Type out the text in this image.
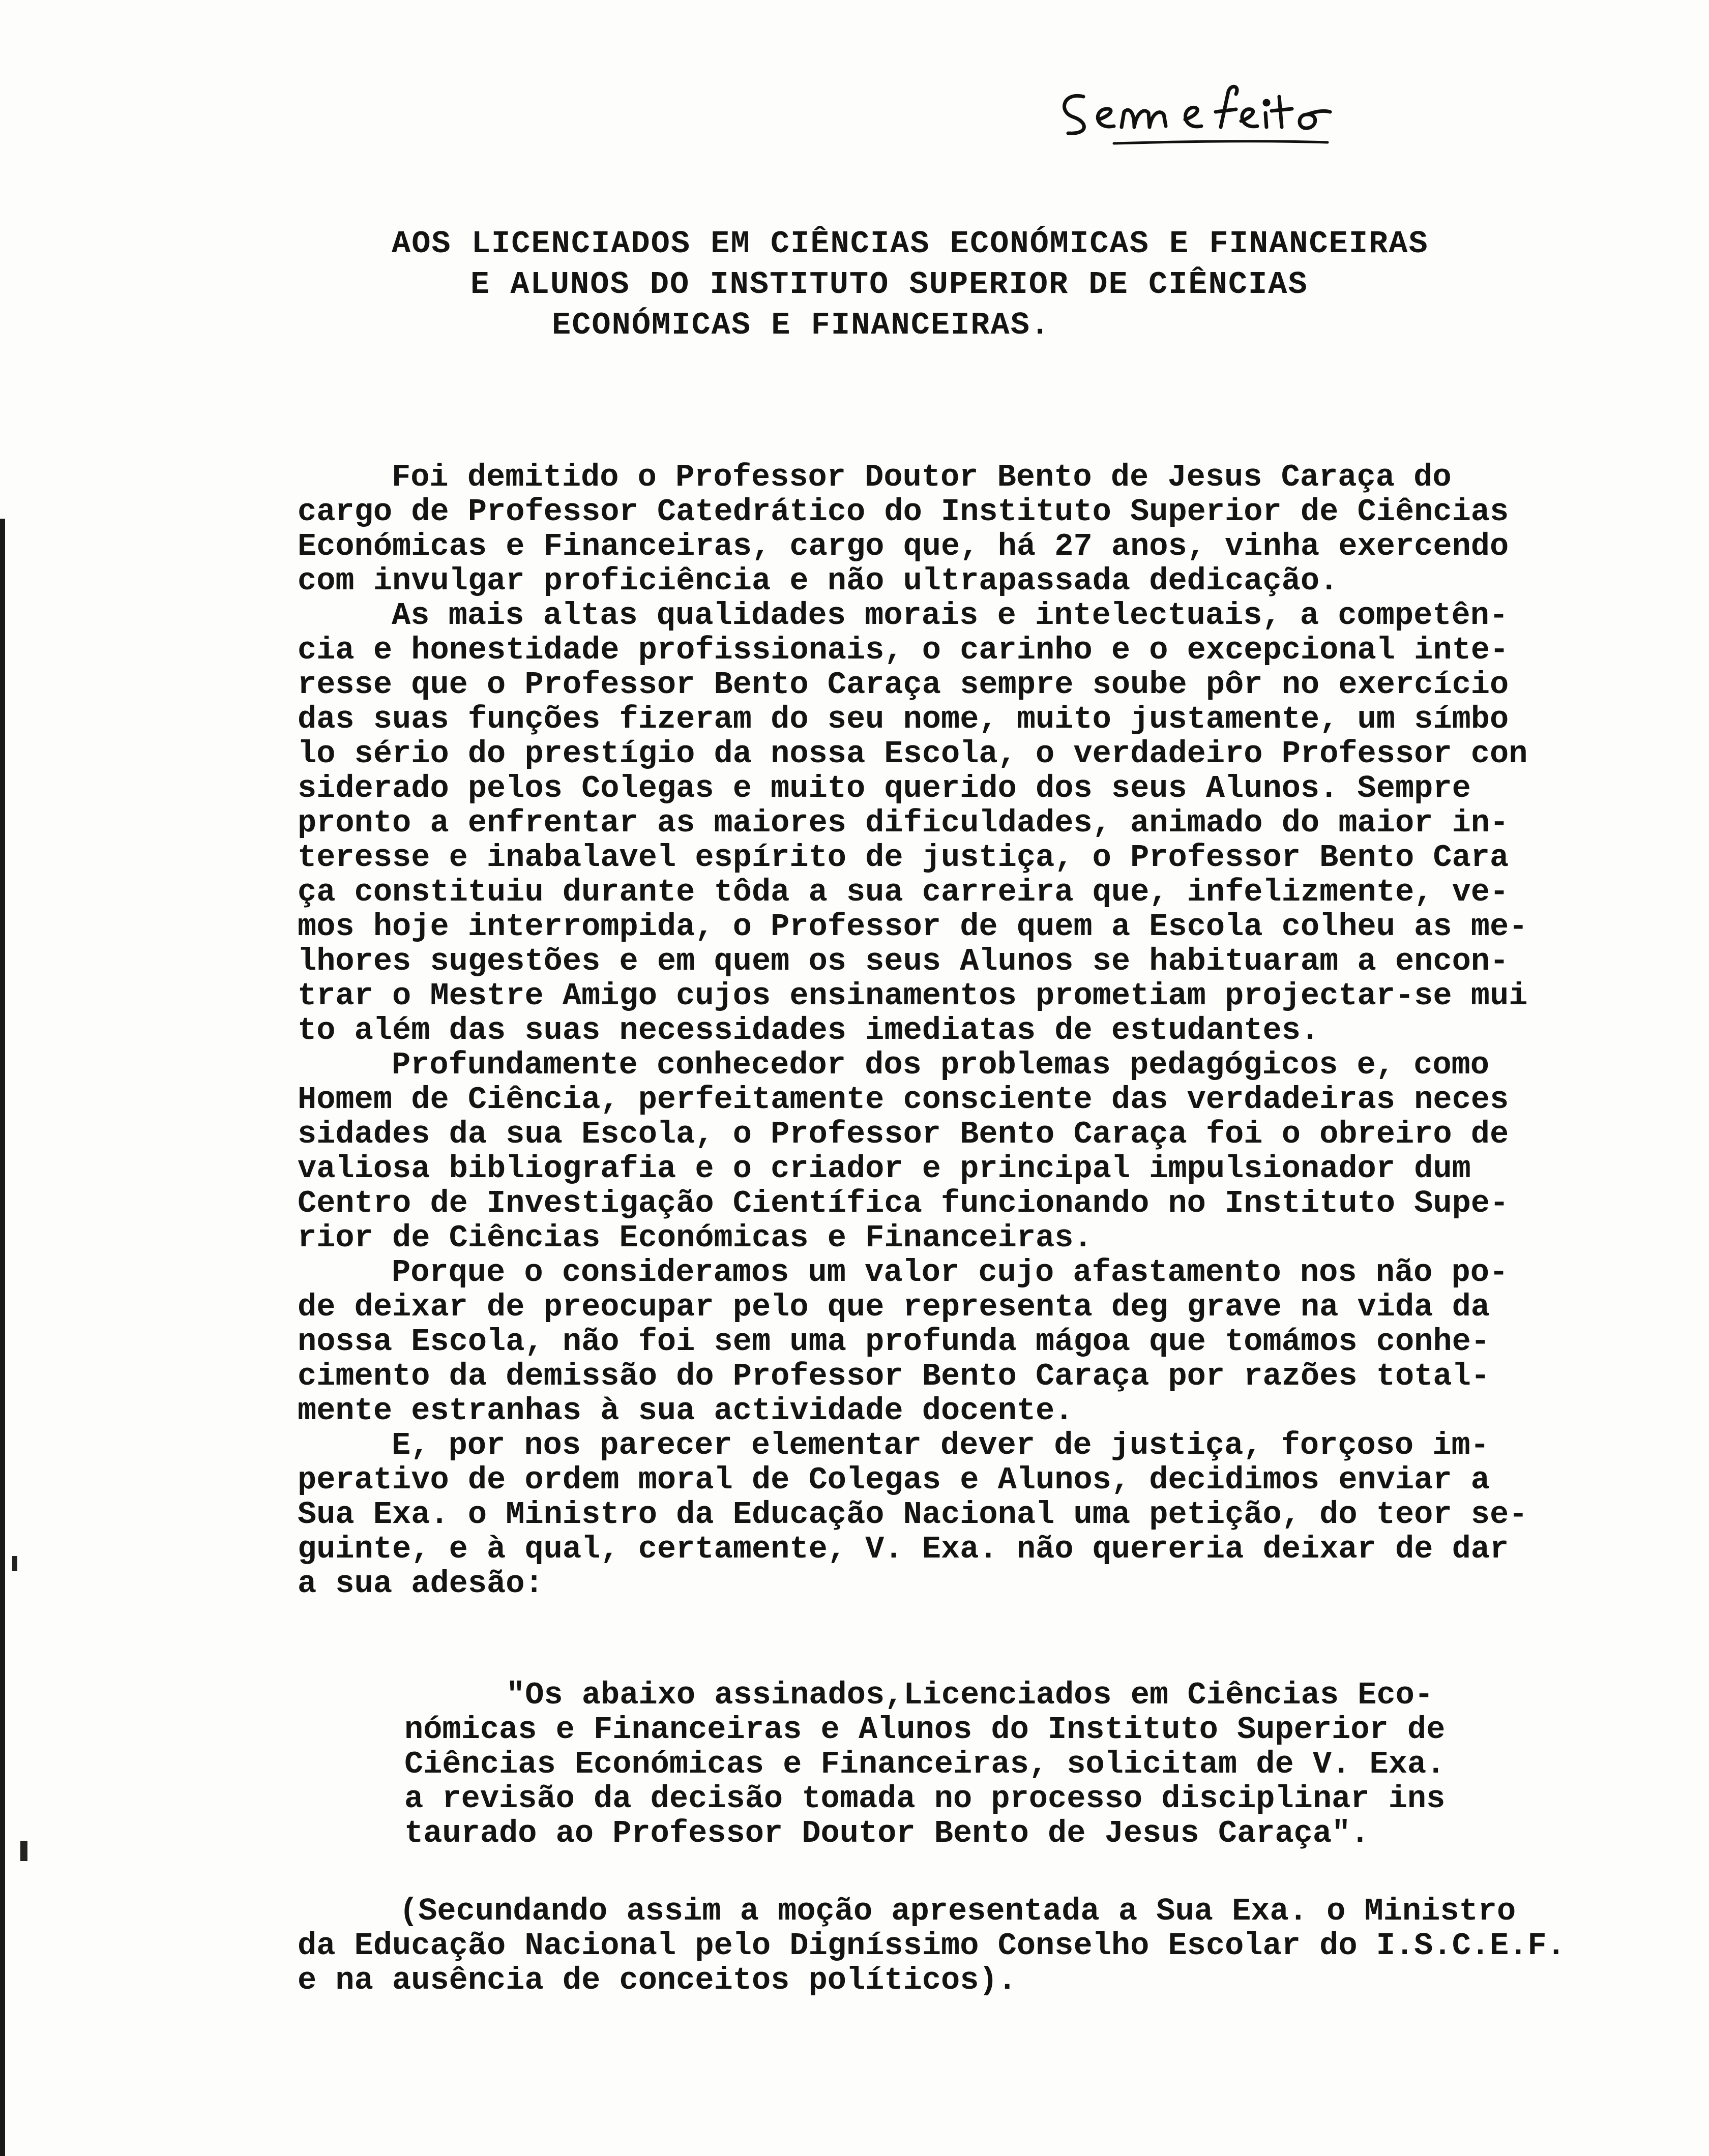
Sem efeito
AOS LICENCIADOS EM CIÊNCIAS ECONÓMICAS E FINANCEIRAS
E ALUNOS DO INSTITUTO SUPERIOR DE CIÊNCIAS
ECONÓMICAS E FINANCEIRAS.
Foi demitido o Professor Doutor Bento de Jesus Caraça do
cargo de Professor Catedrático do Instituto Superior de Ciências
Económicas e Financeiras, cargo que, há 27 anos, vinha exercendo
com invulgar proficiência e não ultrapassada dedicação.
As mais altas qualidades morais e intelectuais, a competên-
cia e honestidade profissionais, o carinho e o excepcional inte-
resse que o Professor Bento Caraça sempre soube pôr no exercício
das suas funções fizeram do seu nome, muito justamente, um símbo
lo sério do prestígio da nossa Escola, o verdadeiro Professor con
siderado pelos Colegas e muito querido dos seus Alunos. Sempre
pronto a enfrentar as maiores dificuldades, animado do maior in-
teresse e inabalavel espírito de justiça, o Professor Bento Cara
ça constituiu durante tôda a sua carreira que, infelizmente, ve-
mos hoje interrompida, o Professor de quem a Escola colheu as me-
lhores sugestões e em quem os seus Alunos se habituaram a encon-
trar o Mestre Amigo cujos ensinamentos prometiam projectar-se mui
to além das suas necessidades imediatas de estudantes.
Profundamente conhecedor dos problemas pedagógicos e, como
Homem de Ciência, perfeitamente consciente das verdadeiras neces
sidades da sua Escola, o Professor Bento Caraça foi o obreiro de
valiosa bibliografia e o criador e principal impulsionador dum
Centro de Investigação Científica funcionando no Instituto Supe-
rior de Ciências Económicas e Financeiras.
Porque o consideramos um valor cujo afastamento nos não po-
de deixar de preocupar pelo que representa deg grave na vida da
nossa Escola, não foi sem uma profunda mágoa que tomámos conhe-
cimento da demissão do Professor Bento Caraça por razões total-
mente estranhas à sua actividade docente.
E, por nos parecer elementar dever de justiça, forçoso im-
perativo de ordem moral de Colegas e Alunos, decidimos enviar a
Sua Exa. o Ministro da Educação Nacional uma petição, do teor se-
guinte, e à qual, certamente, V. Exa. não quereria deixar de dar
a sua adesão:
"Os abaixo assinados,Licenciados em Ciências Eco-
nómicas e Financeiras e Alunos do Instituto Superior de
Ciências Económicas e Financeiras, solicitam de V. Exa.
a revisão da decisão tomada no processo disciplinar ins
taurado ao Professor Doutor Bento de Jesus Caraça".
(Secundando assim a moção apresentada a Sua Exa. o Ministro
da Educação Nacional pelo Digníssimo Conselho Escolar do I.S.C.E.F.
e na ausência de conceitos políticos).
